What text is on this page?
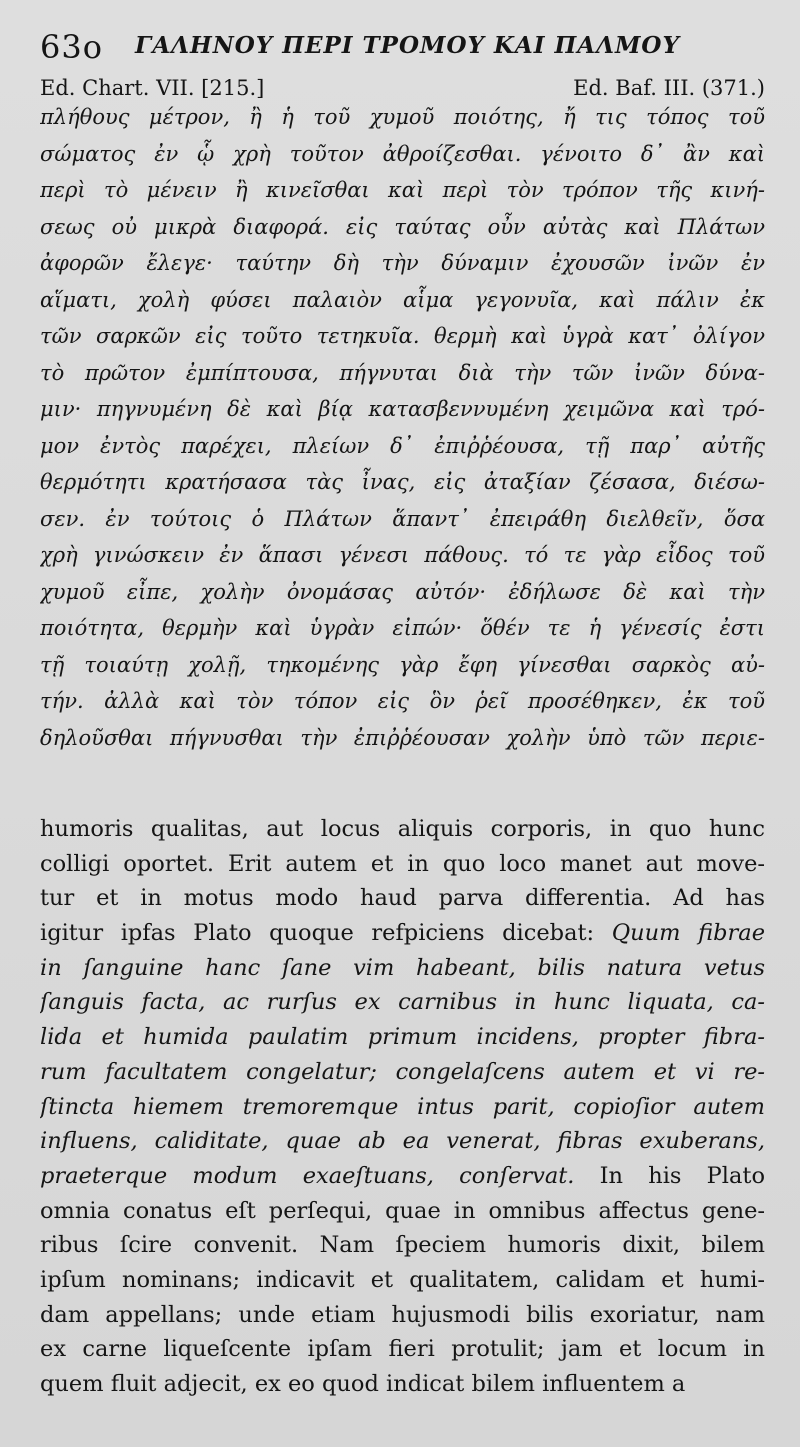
63o ΓΑΛΗΝΟΥ ΠΕΡΙ ΤΡΟΜΟΥ ΚΑΙ ΠΑΛΜΟΥ
Ed. Chart. VII. [215.]	Ed. Baf. III. (371.)
πλήθους μέτρον, ἢ ἡ τοῦ χυμοῦ ποιότης, ἤ τις τόπος τοῦ
σώματος ἐν ᾧ χρὴ τοῦτον ἀθροίζεσθαι. γένοιτο δ᾽ ἂν καὶ
περὶ τὸ μένειν ἢ κινεῖσθαι καὶ περὶ τὸν τρόπον τῆς κινή-
σεως οὐ μικρὰ διαφορά. εἰς ταύτας οὖν αὐτὰς καὶ Πλάτων
ἀφορῶν ἔλεγε· ταύτην δὴ τὴν δύναμιν ἐχουσῶν ἰνῶν ἐν
αἵματι, χολὴ φύσει παλαιὸν αἷμα γεγονυῖα, καὶ πάλιν ἐκ
τῶν σαρκῶν εἰς τοῦτο τετηκυῖα. θερμὴ καὶ ὑγρὰ κατ᾽ ὀλίγον
τὸ πρῶτον ἐμπίπτουσα, πήγνυται διὰ τὴν τῶν ἰνῶν δύνα-
μιν· πηγνυμένη δὲ καὶ βίᾳ κατασβεννυμένη χειμῶνα καὶ τρό-
μον ἐντὸς παρέχει, πλείων δ᾽ ἐπιῤῥέουσα, τῇ παρ᾽ αὐτῆς
θερμότητι κρατήσασα τὰς ἶνας, εἰς ἀταξίαν ζέσασα, διέσω-
σεν. ἐν τούτοις ὁ Πλάτων ἅπαντ᾽ ἐπειράθη διελθεῖν, ὅσα
χρὴ γινώσκειν ἐν ἅπασι γένεσι πάθους. τό τε γὰρ εἶδος τοῦ
χυμοῦ εἶπε, χολὴν ὀνομάσας αὐτόν· ἐδήλωσε δὲ καὶ τὴν
ποιότητα, θερμὴν καὶ ὑγρὰν εἰπών· ὅθέν τε ἡ γένεσίς ἐστι
τῇ τοιαύτῃ χολῇ, τηκομένης γὰρ ἔφη γίνεσθαι σαρκὸς αὐ-
τήν. ἀλλὰ καὶ τὸν τόπον εἰς ὃν ῥεῖ προσέθηκεν, ἐκ τοῦ
δηλοῦσθαι πήγνυσθαι τὴν ἐπιῤῥέουσαν χολὴν ὑπὸ τῶν περιε-
humoris qualitas, aut locus aliquis corporis, in quo hunc
colligi oportet. Erit autem et in quo loco manet aut move-
tur et in motus modo haud parva differentia. Ad has
igitur ipfas Plato quoque refpiciens dicebat: Quum fibrae
in ſanguine hanc ſane vim habeant, bilis natura vetus
ſanguis facta, ac rurſus ex carnibus in hunc liquata, ca-
lida et humida paulatim primum incidens, propter fibra-
rum facultatem congelatur; congelaſcens autem et vi re-
ſtincta hiemem tremoremque intus parit, copioſior autem
influens, caliditate, quae ab ea venerat, fibras exuberans,
praeterque modum exaeſtuans, conſervat. In his Plato
omnia conatus eſt perſequi, quae in omnibus affectus gene-
ribus ſcire convenit. Nam ſpeciem humoris dixit, bilem
ipſum nominans; indicavit et qualitatem, calidam et humi-
dam appellans; unde etiam hujusmodi bilis exoriatur, nam
ex carne liqueſcente ipſam fieri protulit; jam et locum in
quem fluit adjecit, ex eo quod indicat bilem influentem a
